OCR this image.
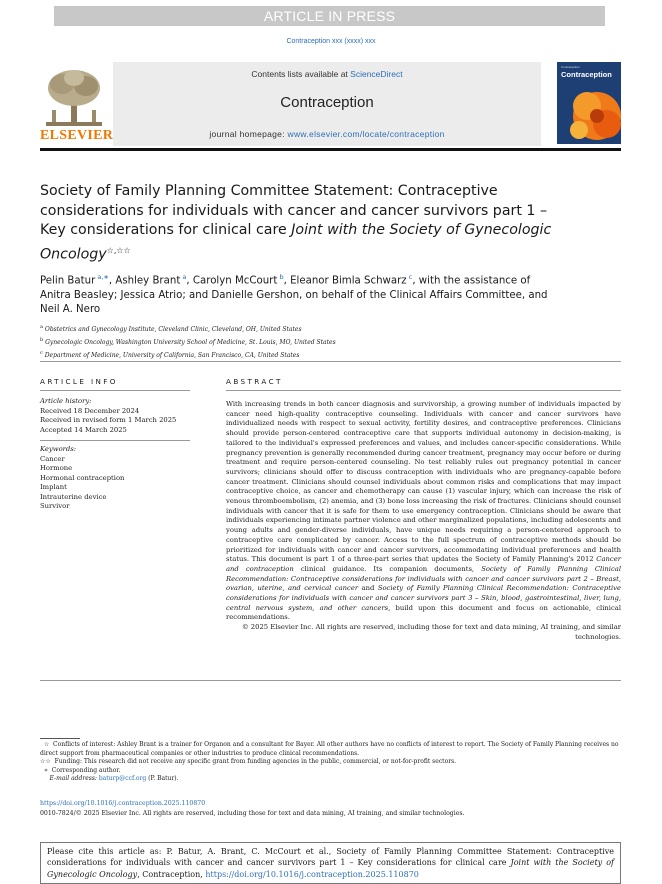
ARTICLE IN PRESS
Contraception xxx (xxxx) xxx
ELSEVIER
Contents lists available at ScienceDirect
Contraception
journal homepage: www.elsevier.com/locate/contraception
Contraception
Contraception
Society of Family Planning Committee Statement: Contraceptive considerations for individuals with cancer and cancer survivors part 1 – Key considerations for clinical care Joint with the Society of Gynecologic Oncology☆,☆☆
Pelin Batur $^{a,∗}$, Ashley Brant $^a$, Carolyn McCourt $^b$, Eleanor Bimla Schwarz $^c$, with the assistance of Anitra Beasley; Jessica Atrio; and Danielle Gershon, on behalf of the Clinical Affairs Committee, and Neil A. Nero
$^a$ Obstetrics and Gynecology Institute, Cleveland Clinic, Cleveland, OH, United States
$^b$ Gynecologic Oncology, Washington University School of Medicine, St. Louis, MO, United States
$^c$ Department of Medicine, University of California, San Francisco, CA, United States
ARTICLE INFO	ABSTRACT
Article history:
Received 18 December 2024
Received in revised form 1 March 2025
Accepted 14 March 2025
Keywords:
Cancer
Hormone
Hormonal contraception
Implant
Intrauterine device
Survivor
With increasing trends in both cancer diagnosis and survivorship, a growing number of individuals impacted by cancer need high-quality contraceptive counseling. Individuals with cancer and cancer survivors have individualized needs with respect to sexual activity, fertility desires, and contraceptive preferences. Clinicians should provide person-centered contraceptive care that supports individual autonomy in decision-making, is tailored to the individual's expressed preferences and values, and includes cancer-specific considerations. While pregnancy prevention is generally recommended during cancer treatment, pregnancy may occur before or during treatment and require person-centered counseling. No test reliably rules out pregnancy potential in cancer survivors; clinicians should offer to discuss contraception with individuals who are pregnancy-capable before cancer treatment. Clinicians should counsel individuals about common risks and complications that may impact contraceptive choice, as cancer and chemotherapy can cause (1) vascular injury, which can increase the risk of venous thromboembolism, (2) anemia, and (3) bone loss increasing the risk of fractures. Clinicians should counsel individuals with cancer that it is safe for them to use emergency contraception. Clinicians should be aware that individuals experiencing intimate partner violence and other marginalized populations, including adolescents and young adults and gender-diverse individuals, have unique needs requiring a person-centered approach to contraceptive care complicated by cancer. Access to the full spectrum of contraceptive methods should be prioritized for individuals with cancer and cancer survivors, accommodating individual preferences and health status. This document is part 1 of a three-part series that updates the Society of Family Planning's 2012 Cancer and contraception clinical guidance. Its companion documents, Society of Family Planning Clinical Recommendation: Contraceptive considerations for individuals with cancer and cancer survivors part 2 – Breast, ovarian, uterine, and cervical cancer and Society of Family Planning Clinical Recommendation: Contraceptive considerations for individuals with cancer and cancer survivors part 3 – Skin, blood, gastrointestinal, liver, lung, central nervous system, and other cancers, build upon this document and focus on actionable, clinical recommendations.
© 2025 Elsevier Inc. All rights are reserved, including those for text and data mining, AI training, and similar technologies.
☆ Conflicts of interest: Ashley Brant is a trainer for Organon and a consultant for Bayer. All other authors have no conflicts of interest to report. The Society of Family Planning receives no direct support from pharmaceutical companies or other industries to produce clinical recommendations.
☆☆ Funding: This research did not receive any specific grant from funding agencies in the public, commercial, or not-for-profit sectors.
∗ Corresponding author.
E-mail address: baturp@ccf.org (P. Batur).
https://doi.org/10.1016/j.contraception.2025.110870
0010-7824/© 2025 Elsevier Inc. All rights are reserved, including those for text and data mining, AI training, and similar technologies.
Please cite this article as: P. Batur, A. Brant, C. McCourt et al., Society of Family Planning Committee Statement: Contraceptive considerations for individuals with cancer and cancer survivors part 1 – Key considerations for clinical care Joint with the Society of Gynecologic Oncology, Contraception, https://doi.org/10.1016/j.contraception.2025.110870
